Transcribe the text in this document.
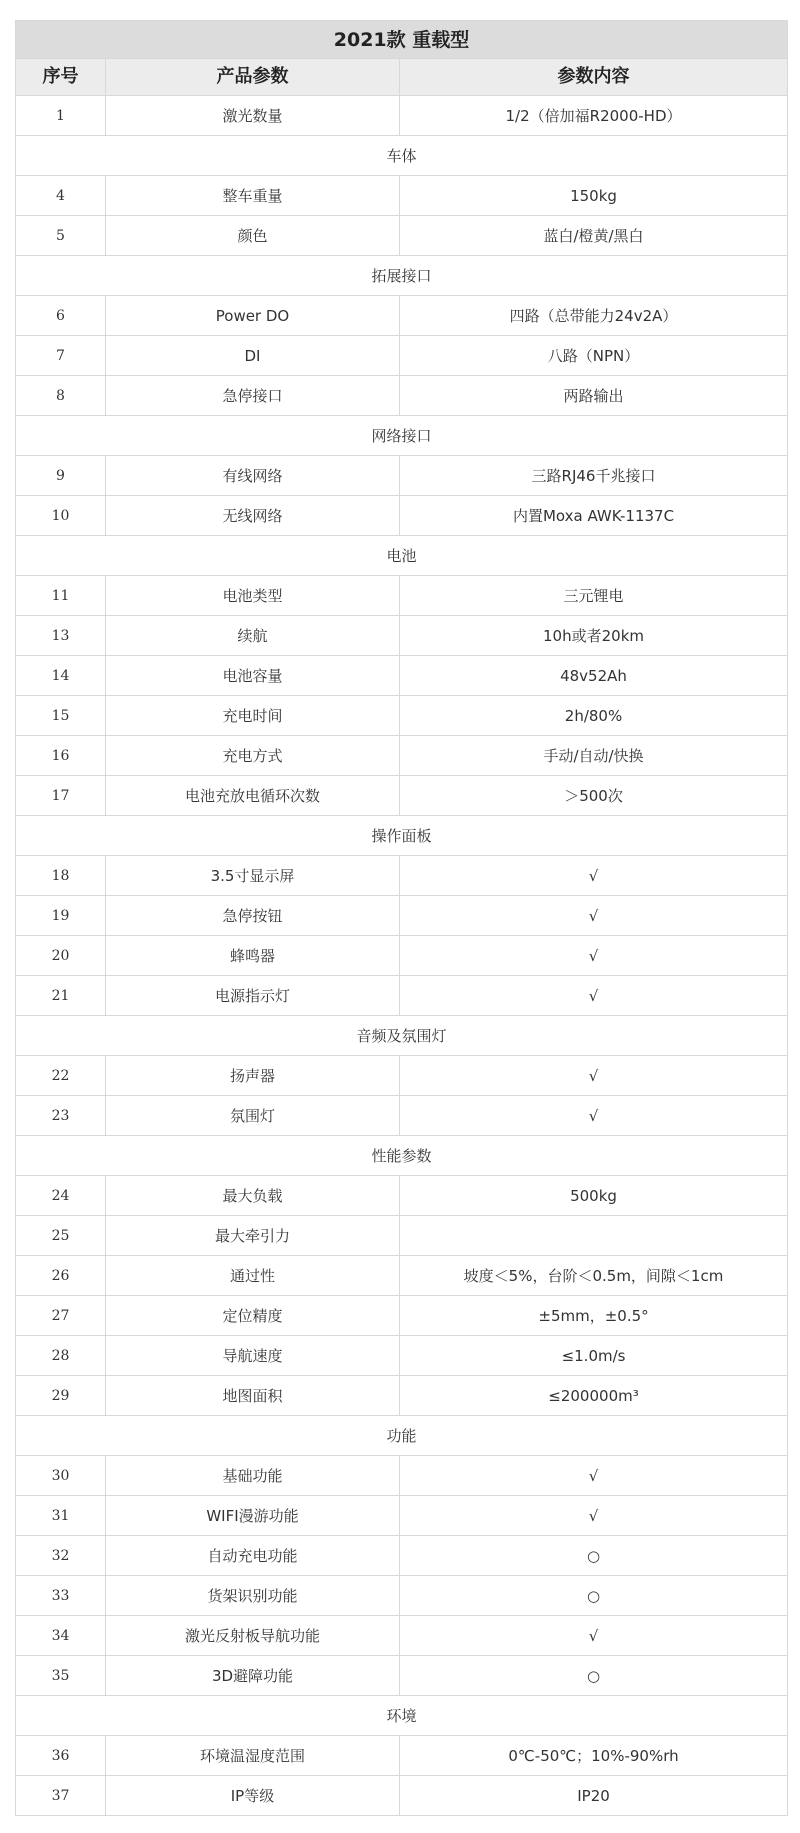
2021款 重载型		
序号	产品参数	参数内容
1	激光数量	1/2（倍加福R2000-HD）
车体		
4	整车重量	150kg
5	颜色	蓝白/橙黄/黑白
拓展接口		
6	Power DO	四路（总带能力24v2A）
7	DI	八路（NPN）
8	急停接口	两路输出
网络接口		
9	有线网络	三路RJ46千兆接口
10	无线网络	内置Moxa AWK-1137C
电池		
11	电池类型	三元锂电
13	续航	10h或者20km
14	电池容量	48v52Ah
15	充电时间	2h/80%
16	充电方式	手动/自动/快换
17	电池充放电循环次数	＞500次
操作面板		
18	3.5寸显示屏	√
19	急停按钮	√
20	蜂鸣器	√
21	电源指示灯	√
音频及氛围灯		
22	扬声器	√
23	氛围灯	√
性能参数		
24	最大负载	500kg
25	最大牵引力	
26	通过性	坡度＜5%，台阶＜0.5m，间隙＜1cm
27	定位精度	±5mm，±0.5°
28	导航速度	≤1.0m/s
29	地图面积	≤200000m³
功能		
30	基础功能	√
31	WIFI漫游功能	√
32	自动充电功能	○
33	货架识别功能	○
34	激光反射板导航功能	√
35	3D避障功能	○
环境		
36	环境温湿度范围	0℃-50℃；10%-90%rh
37	IP等级	IP20
